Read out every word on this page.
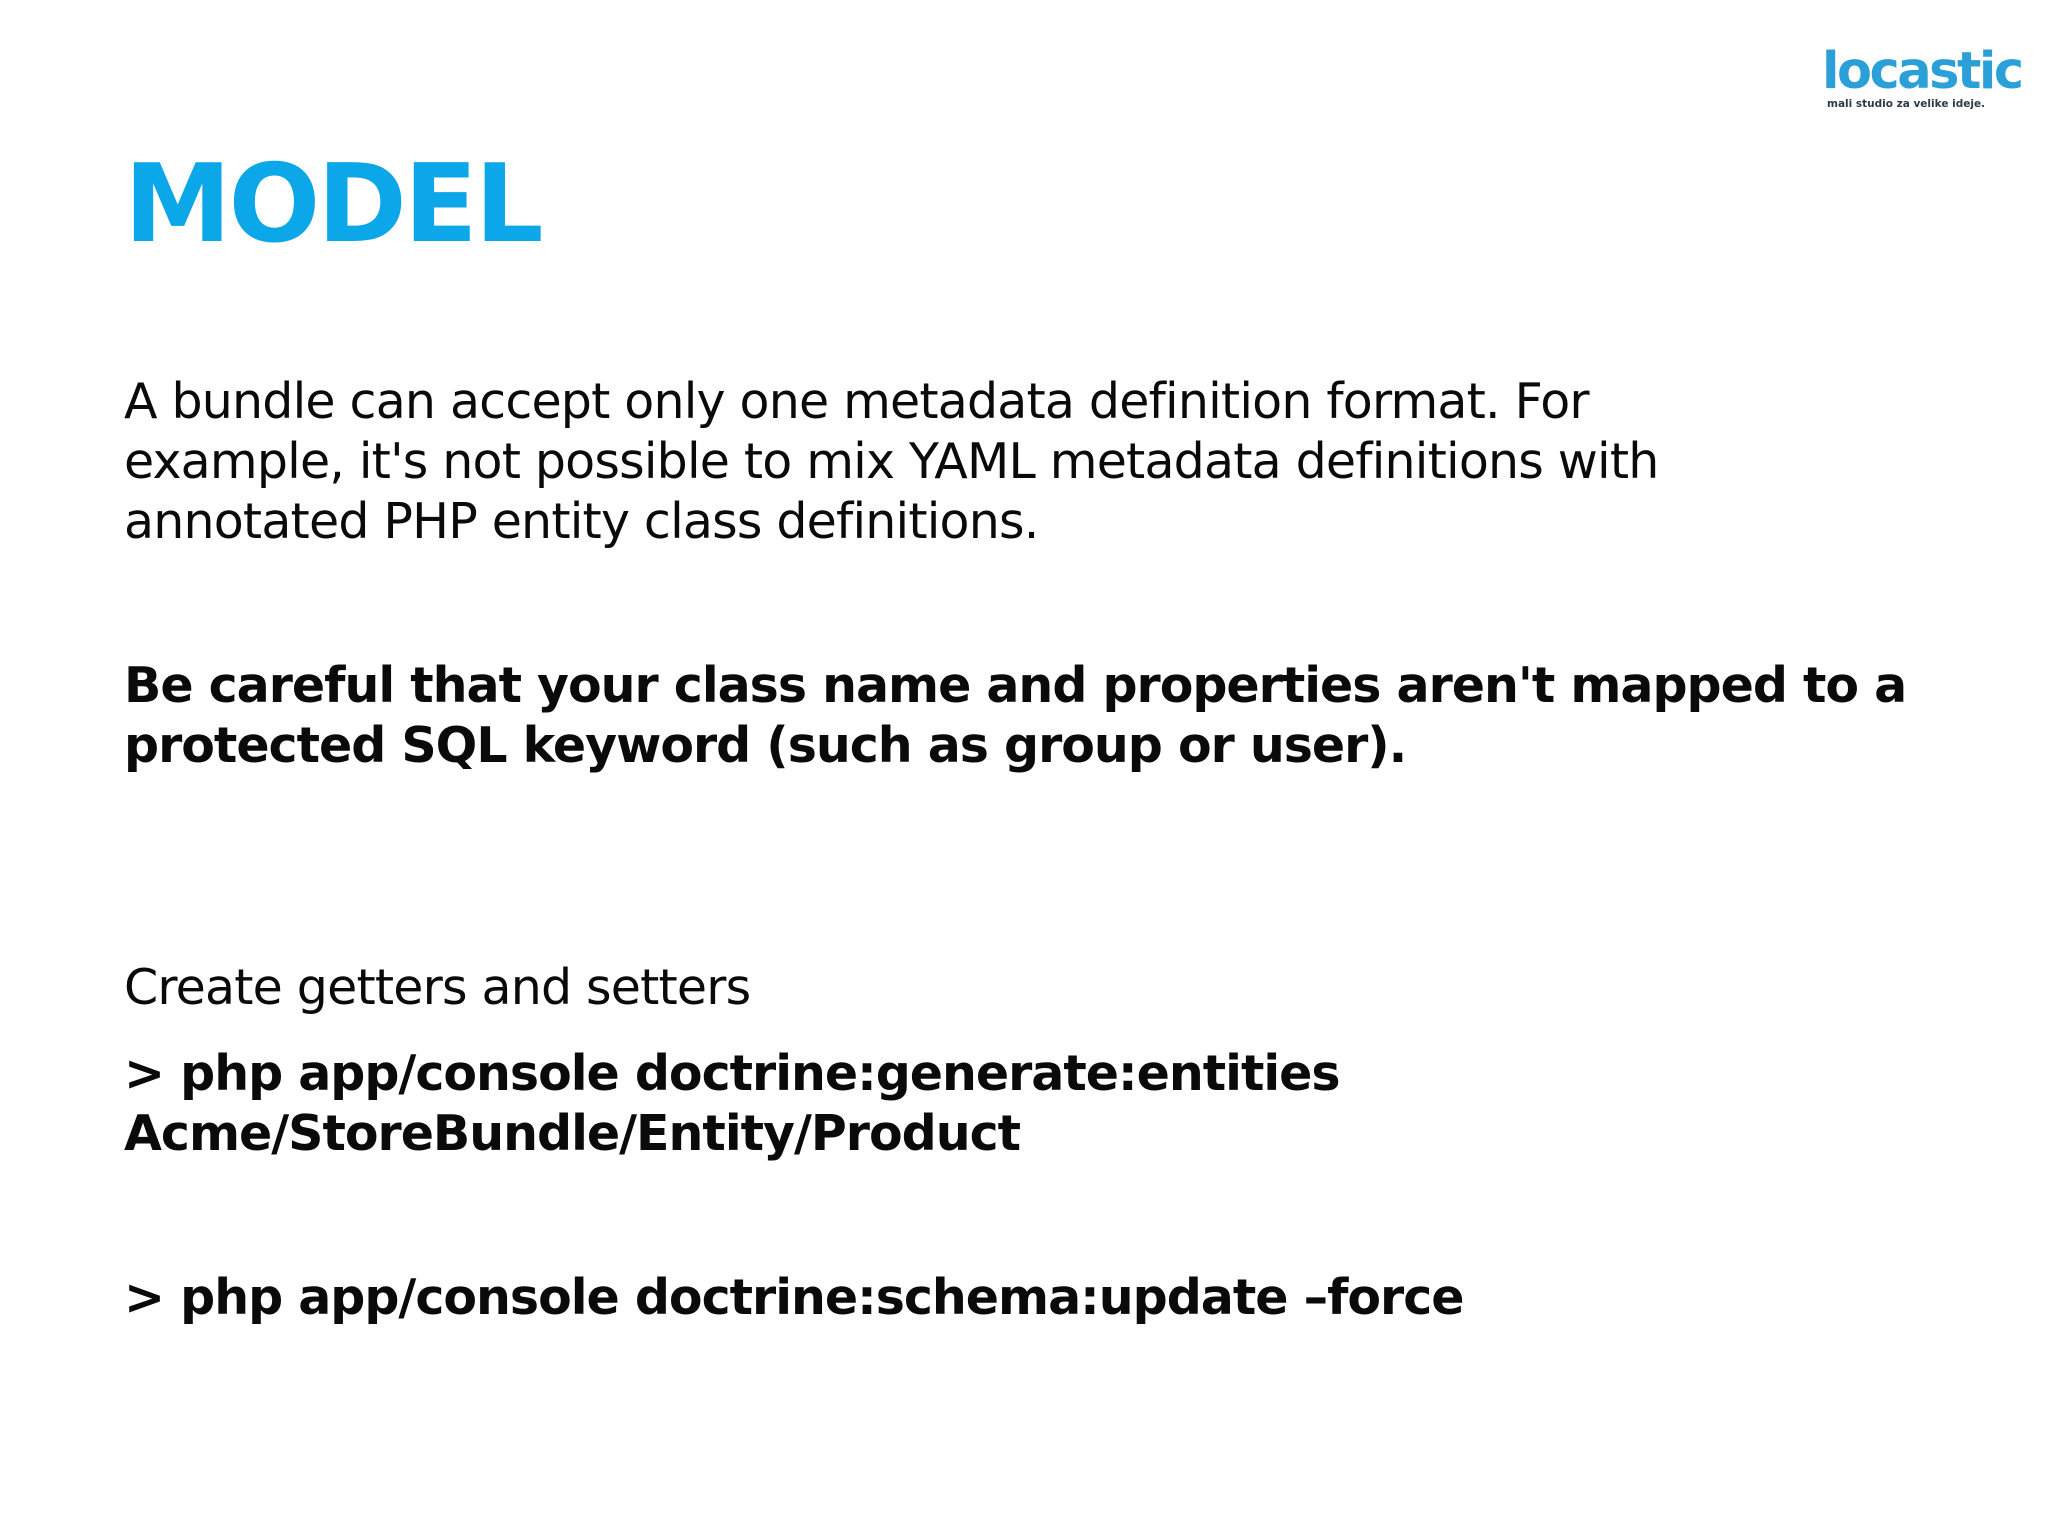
locastic
mali studio za velike ideje.
MODEL

A bundle can accept only one metadata definition format. For
example, it's not possible to mix YAML metadata definitions with
annotated PHP entity class definitions.

Be careful that your class name and properties aren't mapped to a
protected SQL keyword (such as group or user).

Create getters and setters

> php app/console doctrine:generate:entities
Acme/StoreBundle/Entity/Product

> php app/console doctrine:schema:update –force
